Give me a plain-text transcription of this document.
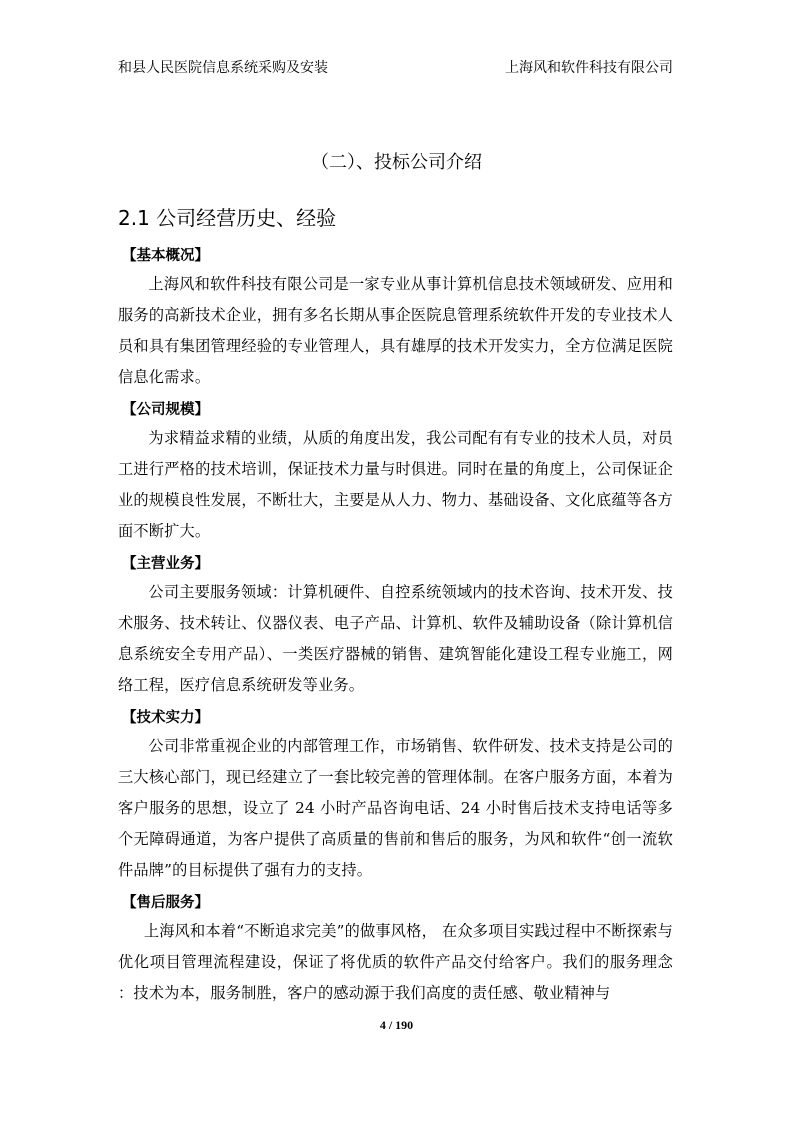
和县人民医院信息系统采购及安装	上海风和软件科技有限公司
（二）、投标公司介绍
2.1 公司经营历史、经验
【基本概况】

上海风和软件科技有限公司是一家专业从事计算机信息技术领域研发、应用和服务的高新技术企业，拥有多名长期从事企医院息管理系统软件开发的专业技术人员和具有集团管理经验的专业管理人，具有雄厚的技术开发实力，全方位满足医院信息化需求。

【公司规模】

为求精益求精的业绩，从质的角度出发，我公司配有有专业的技术人员，对员工进行严格的技术培训，保证技术力量与时俱进。同时在量的角度上，公司保证企业的规模良性发展，不断壮大，主要是从人力、物力、基础设备、文化底蕴等各方面不断扩大。

【主营业务】

公司主要服务领域：计算机硬件、自控系统领域内的技术咨询、技术开发、技术服务、技术转让、仪器仪表、电子产品、计算机、软件及辅助设备（除计算机信息系统安全专用产品）、一类医疗器械的销售、建筑智能化建设工程专业施工，网络工程，医疗信息系统研发等业务。

【技术实力】

公司非常重视企业的内部管理工作，市场销售、软件研发、技术支持是公司的三大核心部门，现已经建立了一套比较完善的管理体制。在客户服务方面，本着为客户服务的思想，设立了 24 小时产品咨询电话、24 小时售后技术支持电话等多个无障碍通道，为客户提供了高质量的售前和售后的服务，为风和软件“创一流软件品牌”的目标提供了强有力的支持。

【售后服务】

上海风和本着“不断追求完美”的做事风格， 在众多项目实践过程中不断探索与优化项目管理流程建设，保证了将优质的软件产品交付给客户。我们的服务理念 ：技术为本，服务制胜，客户的感动源于我们高度的责任感、敬业精神与

4 / 190
